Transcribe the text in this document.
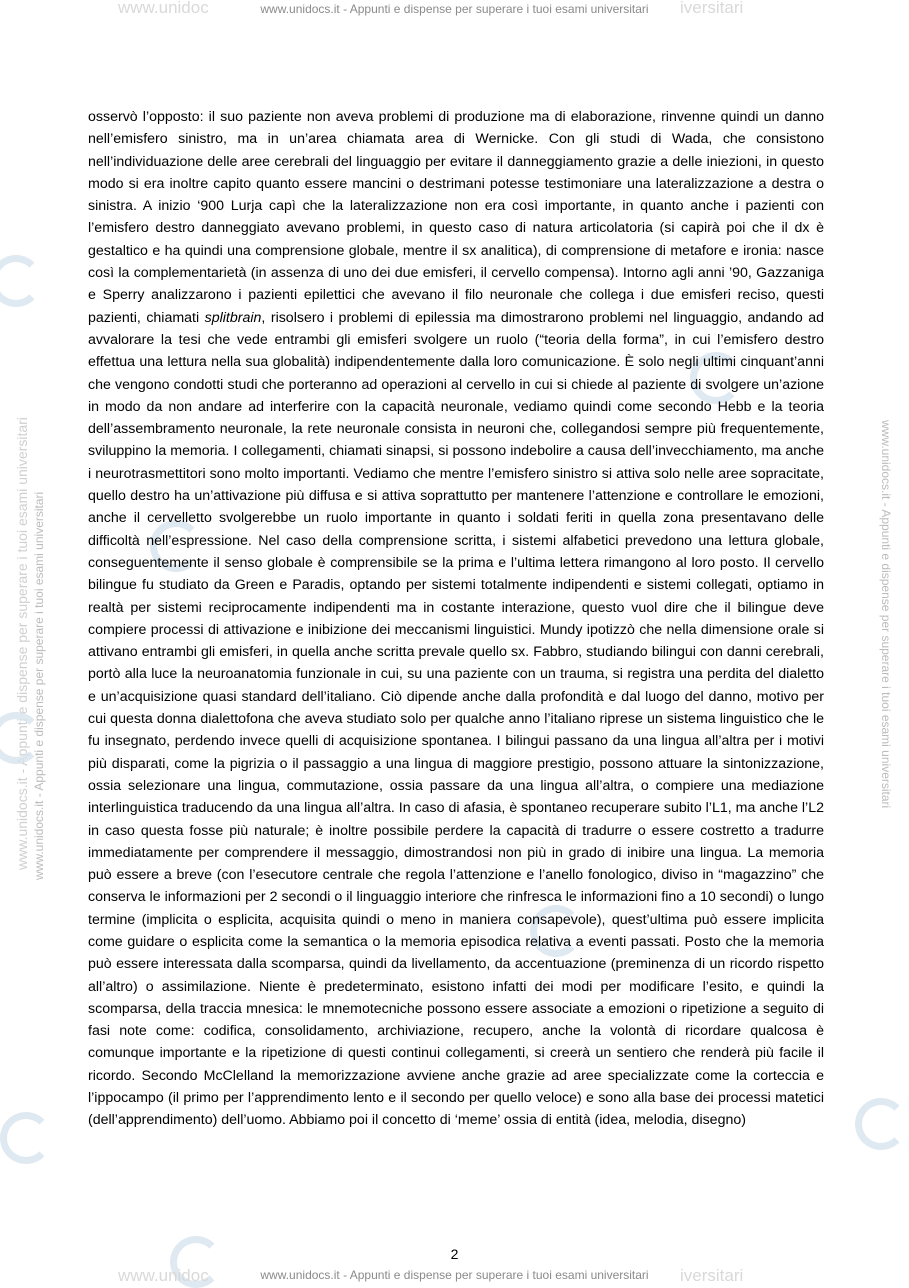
www.unidoc	iversitari
www.unidocs.it - Appunti e dispense per superare i tuoi esami universitari
www.unidocs.it - Appunti e dispense per superare i tuoi esami universitari www.unidocs.it - Appunti e dispense per superare i tuoi esami universitari	www.unidocs.it - Appunti e dispense per superare i tuoi esami universitari

osservò l’opposto: il suo paziente non aveva problemi di produzione ma di elaborazione, rinvenne quindi un danno nell’emisfero sinistro, ma in un’area chiamata area di Wernicke. Con gli studi di Wada, che consistono nell’individuazione delle aree cerebrali del linguaggio per evitare il danneggiamento grazie a delle iniezioni, in questo modo si era inoltre capito quanto essere mancini o destrimani potesse testimoniare una lateralizzazione a destra o sinistra. A inizio ‘900 Lurja capì che la lateralizzazione non era così importante, in quanto anche i pazienti con l’emisfero destro danneggiato avevano problemi, in questo caso di natura articolatoria (si capirà poi che il dx è gestaltico e ha quindi una comprensione globale, mentre il sx analitica), di comprensione di metafore e ironia: nasce così la complementarietà (in assenza di uno dei due emisferi, il cervello compensa). Intorno agli anni ’90, Gazzaniga e Sperry analizzarono i pazienti epilettici che avevano il filo neuronale che collega i due emisferi reciso, questi pazienti, chiamati splitbrain, risolsero i problemi di epilessia ma dimostrarono problemi nel linguaggio, andando ad avvalorare la tesi che vede entrambi gli emisferi svolgere un ruolo (“teoria della forma”, in cui l’emisfero destro effettua una lettura nella sua globalità) indipendentemente dalla loro comunicazione. È solo negli ultimi cinquant’anni che vengono condotti studi che porteranno ad operazioni al cervello in cui si chiede al paziente di svolgere un’azione in modo da non andare ad interferire con la capacità neuronale, vediamo quindi come secondo Hebb e la teoria dell’assembramento neuronale, la rete neuronale consista in neuroni che, collegandosi sempre più frequentemente, sviluppino la memoria. I collegamenti, chiamati sinapsi, si possono indebolire a causa dell’invecchiamento, ma anche i neurotrasmettitori sono molto importanti. Vediamo che mentre l’emisfero sinistro si attiva solo nelle aree sopracitate, quello destro ha un’attivazione più diffusa e si attiva soprattutto per mantenere l’attenzione e controllare le emozioni, anche il cervelletto svolgerebbe un ruolo importante in quanto i soldati feriti in quella zona presentavano delle difficoltà nell’espressione. Nel caso della comprensione scritta, i sistemi alfabetici prevedono una lettura globale, conseguentemente il senso globale è comprensibile se la prima e l’ultima lettera rimangono al loro posto. Il cervello bilingue fu studiato da Green e Paradis, optando per sistemi totalmente indipendenti e sistemi collegati, optiamo in realtà per sistemi reciprocamente indipendenti ma in costante interazione, questo vuol dire che il bilingue deve compiere processi di attivazione e inibizione dei meccanismi linguistici. Mundy ipotizzò che nella dimensione orale si attivano entrambi gli emisferi, in quella anche scritta prevale quello sx. Fabbro, studiando bilingui con danni cerebrali, portò alla luce la neuroanatomia funzionale in cui, su una paziente con un trauma, si registra una perdita del dialetto e un’acquisizione quasi standard dell’italiano. Ciò dipende anche dalla profondità e dal luogo del danno, motivo per cui questa donna dialettofona che aveva studiato solo per qualche anno l’italiano riprese un sistema linguistico che le fu insegnato, perdendo invece quelli di acquisizione spontanea. I bilingui passano da una lingua all’altra per i motivi più disparati, come la pigrizia o il passaggio a una lingua di maggiore prestigio, possono attuare la sintonizzazione, ossia selezionare una lingua, commutazione, ossia passare da una lingua all’altra, o compiere una mediazione interlinguistica traducendo da una lingua all’altra. In caso di afasia, è spontaneo recuperare subito l’L1, ma anche l’L2 in caso questa fosse più naturale; è inoltre possibile perdere la capacità di tradurre o essere costretto a tradurre immediatamente per comprendere il messaggio, dimostrandosi non più in grado di inibire una lingua. La memoria può essere a breve (con l’esecutore centrale che regola l’attenzione e l’anello fonologico, diviso in “magazzino” che conserva le informazioni per 2 secondi o il linguaggio interiore che rinfresca le informazioni fino a 10 secondi) o lungo termine (implicita o esplicita, acquisita quindi o meno in maniera consapevole), quest’ultima può essere implicita come guidare o esplicita come la semantica o la memoria episodica relativa a eventi passati. Posto che la memoria può essere interessata dalla scomparsa, quindi da livellamento, da accentuazione (preminenza di un ricordo rispetto all’altro) o assimilazione. Niente è predeterminato, esistono infatti dei modi per modificare l’esito, e quindi la scomparsa, della traccia mnesica: le mnemotecniche possono essere associate a emozioni o ripetizione a seguito di fasi note come: codifica, consolidamento, archiviazione, recupero, anche la volontà di ricordare qualcosa è comunque importante e la ripetizione di questi continui collegamenti, si creerà un sentiero che renderà più facile il ricordo. Secondo McClelland la memorizzazione avviene anche grazie ad aree specializzate come la corteccia e l’ippocampo (il primo per l’apprendimento lento e il secondo per quello veloce) e sono alla base dei processi matetici (dell’apprendimento) dell’uomo. Abbiamo poi il concetto di ‘meme’ ossia di entità (idea, melodia, disegno)

2
www.unidoc	iversitari
www.unidocs.it - Appunti e dispense per superare i tuoi esami universitari
